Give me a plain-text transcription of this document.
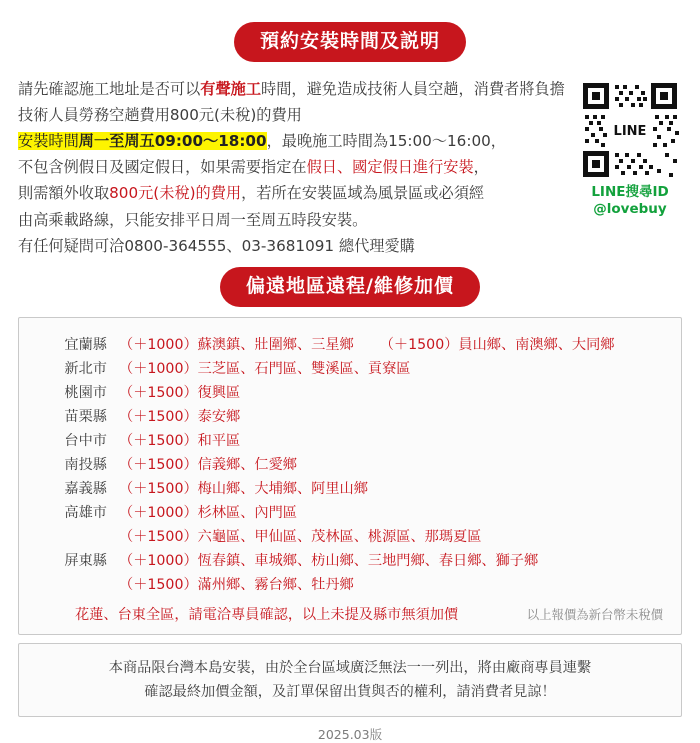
預約安裝時間及説明
LINE
LINE搜尋ID
@lovebuy

請先確認施工地址是否可以有聲施工時間，避免造成技術人員空趟，消費者將負擔

技術人員勞務空趟費用800元(未稅)的費用

安裝時間周一至周五09:00～18:00，最晚施工時間為15:00～16:00，

不包含例假日及國定假日，如果需要指定在假日、國定假日進行安裝，

則需額外收取800元(未稅)的費用，若所在安裝區域為風景區或必須經

由高乘載路線，只能安排平日周一至周五時段安裝。

有任何疑問可洽0800-364555、03-3681091 總代理愛購

偏遠地區遠程/維修加價
宜蘭縣 （＋1000）蘇澳鎮、壯圍鄉、三星鄉 （＋1500）員山鄉、南澳鄉、大同鄉
新北市 （＋1000）三芝區、石門區、雙溪區、貢寮區
桃園市 （＋1500）復興區
苗栗縣 （＋1500）泰安鄉
台中市 （＋1500）和平區
南投縣 （＋1500）信義鄉、仁愛鄉
嘉義縣 （＋1500）梅山鄉、大埔鄉、阿里山鄉
高雄市 （＋1000）杉林區、內門區
（＋1500）六龜區、甲仙區、茂林區、桃源區、那瑪夏區
屏東縣 （＋1000）恆春鎮、車城鄉、枋山鄉、三地門鄉、春日鄉、獅子鄉
（＋1500）滿州鄉、霧台鄉、牡丹鄉
花蓮、台東全區，請電洽專員確認，以上未提及縣市無須加價	以上報價為新台幣未稅價

本商品限台灣本島安裝，由於全台區域廣泛無法一一列出，將由廠商專員連繫

確認最終加價金額，及訂單保留出貨與否的權利，請消費者見諒！

2025.03版
